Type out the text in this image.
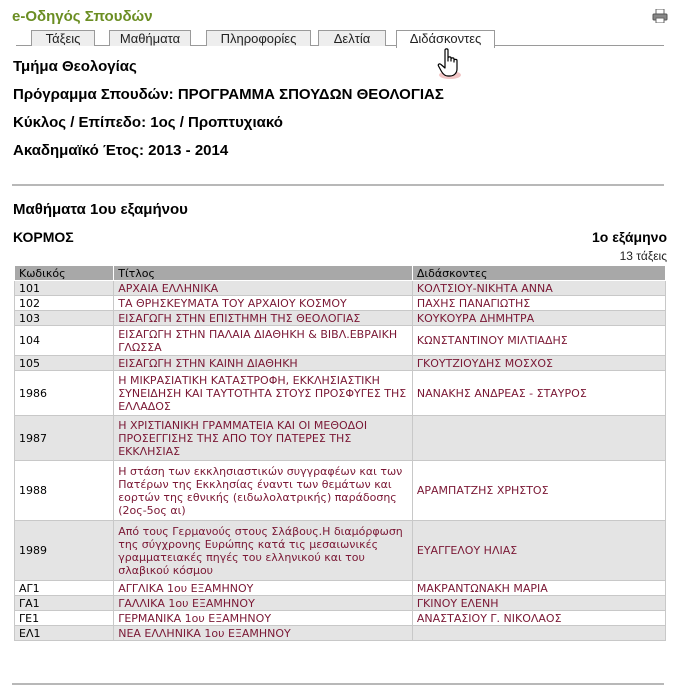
e-Οδηγός Σπουδών
Τάξεις	Μαθήματα	Πληροφορίες	Δελτία	Διδάσκοντες
Τμήμα Θεολογίας
Πρόγραμμα Σπουδών: ΠΡΟΓΡΑΜΜΑ ΣΠΟΥΔΩΝ ΘΕΟΛΟΓΙΑΣ
Κύκλος / Επίπεδο: 1ος / Προπτυχιακό
Ακαδημαϊκό Έτος: 2013 - 2014
Μαθήματα 1ου εξαμήνου
ΚΟΡΜΟΣ	1ο εξάμηνο
13 τάξεις
Κωδικός	Τίτλος	Διδάσκοντες
101	ΑΡΧΑΙΑ ΕΛΛΗΝΙΚΑ	ΚΟΛΤΣΙΟΥ-ΝΙΚΗΤΑ ΑΝΝΑ
102	ΤΑ ΘΡΗΣΚΕΥΜΑΤΑ ΤΟΥ ΑΡΧΑΙΟΥ ΚΟΣΜΟΥ	ΠΑΧΗΣ ΠΑΝΑΓΙΩΤΗΣ
103	ΕΙΣΑΓΩΓΗ ΣΤΗΝ ΕΠΙΣΤΗΜΗ ΤΗΣ ΘΕΟΛΟΓΙΑΣ	ΚΟΥΚΟΥΡΑ ΔΗΜΗΤΡΑ
104	ΕΙΣΑΓΩΓΗ ΣΤΗΝ ΠΑΛΑΙΑ ΔΙΑΘΗΚΗ & ΒΙΒΛ.ΕΒΡΑΙΚΗ ΓΛΩΣΣΑ	ΚΩΝΣΤΑΝΤΙΝΟΥ ΜΙΛΤΙΑΔΗΣ
105	ΕΙΣΑΓΩΓΗ ΣΤΗΝ ΚΑΙΝΗ ΔΙΑΘΗΚΗ	ΓΚΟΥΤΖΙΟΥΔΗΣ ΜΟΣΧΟΣ
1986	Η ΜΙΚΡΑΣΙΑΤΙΚΗ ΚΑΤΑΣΤΡΟΦΗ, ΕΚΚΛΗΣΙΑΣΤΙΚΗ ΣΥΝΕΙΔΗΣΗ ΚΑΙ ΤΑΥΤΟΤΗΤΑ ΣΤΟΥΣ ΠΡΟΣΦΥΓΕΣ ΤΗΣ ΕΛΛΑΔΟΣ	ΝΑΝΑΚΗΣ ΑΝΔΡΕΑΣ - ΣΤΑΥΡΟΣ
1987	Η ΧΡΙΣΤΙΑΝΙΚΗ ΓΡΑΜΜΑΤΕΙΑ ΚΑΙ ΟΙ ΜΕΘΟΔΟΙ ΠΡΟΣΕΓΓΙΣΗΣ ΤΗΣ ΑΠΟ ΤΟΥ ΠΑΤΕΡΕΣ ΤΗΣ ΕΚΚΛΗΣΙΑΣ	
1988	Η στάση των εκκλησιαστικών συγγραφέων και των Πατέρων της Εκκλησίας έναντι των θεμάτων και εορτών της εθνικής (ειδωλολατρικής) παράδοσης (2ος-5ος αι)	ΑΡΑΜΠΑΤΖΗΣ ΧΡΗΣΤΟΣ
1989	Από τους Γερμανούς στους Σλάβους.Η διαμόρφωση της σύγχρονης Ευρώπης κατά τις μεσαιωνικές γραμματειακές πηγές του ελληνικού και του σλαβικού κόσμου	ΕΥΑΓΓΕΛΟΥ ΗΛΙΑΣ
ΑΓ1	ΑΓΓΛΙΚΑ 1ου ΕΞΑΜΗΝΟΥ	ΜΑΚΡΑΝΤΩΝΑΚΗ ΜΑΡΙΑ
ΓΑ1	ΓΑΛΛΙΚΑ 1ου ΕΞΑΜΗΝΟΥ	ΓΚΙΝΟΥ ΕΛΕΝΗ
ΓΕ1	ΓΕΡΜΑΝΙΚΑ 1ου ΕΞΑΜΗΝΟΥ	ΑΝΑΣΤΑΣΙΟΥ Γ. ΝΙΚΟΛΑΟΣ
ΕΛ1	ΝΕΑ ΕΛΛΗΝΙΚΑ 1ου ΕΞΑΜΗΝΟΥ	
